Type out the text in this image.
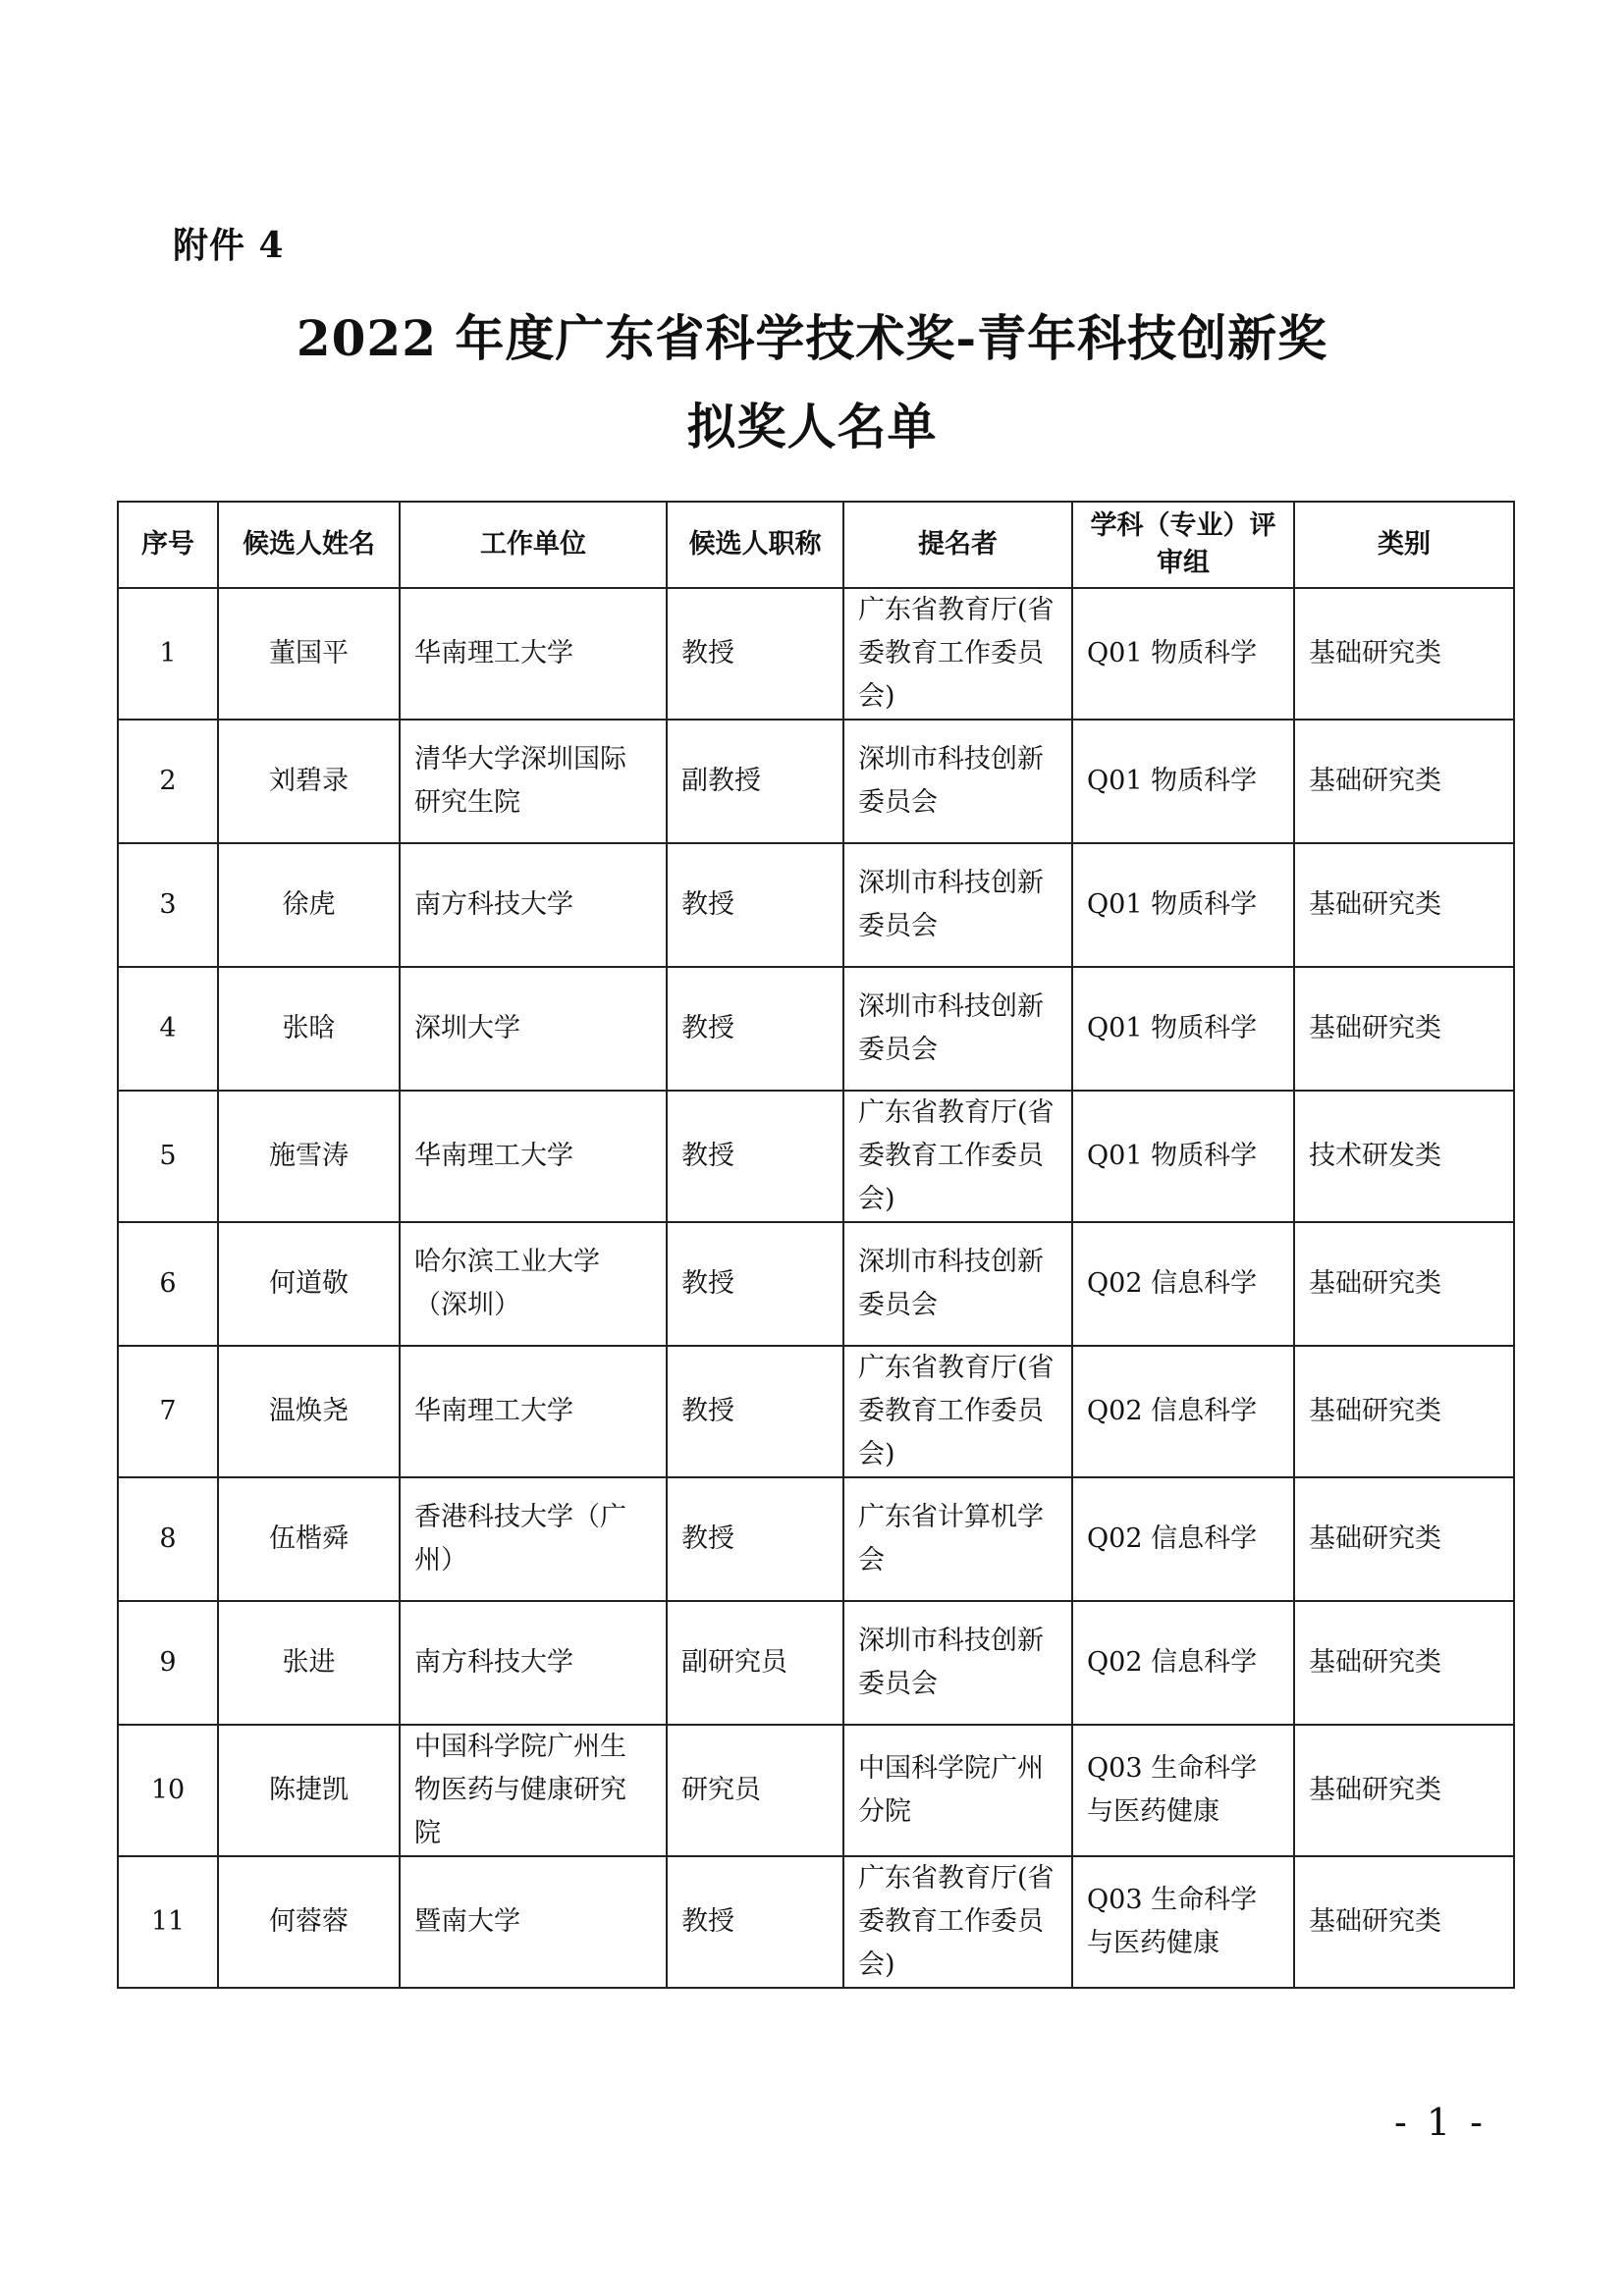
附件 4
2022 年度广东省科学技术奖-青年科技创新奖
拟奖人名单
序号	候选人姓名	工作单位	候选人职称	提名者	学科（专业）评审组	类别
1	董国平	华南理工大学	教授	广东省教育厅(省委教育工作委员会)	Q01 物质科学	基础研究类
2	刘碧录	清华大学深圳国际研究生院	副教授	深圳市科技创新委员会	Q01 物质科学	基础研究类
3	徐虎	南方科技大学	教授	深圳市科技创新委员会	Q01 物质科学	基础研究类
4	张晗	深圳大学	教授	深圳市科技创新委员会	Q01 物质科学	基础研究类
5	施雪涛	华南理工大学	教授	广东省教育厅(省委教育工作委员会)	Q01 物质科学	技术研发类
6	何道敬	哈尔滨工业大学（深圳）	教授	深圳市科技创新委员会	Q02 信息科学	基础研究类
7	温焕尧	华南理工大学	教授	广东省教育厅(省委教育工作委员会)	Q02 信息科学	基础研究类
8	伍楷舜	香港科技大学（广州）	教授	广东省计算机学会	Q02 信息科学	基础研究类
9	张进	南方科技大学	副研究员	深圳市科技创新委员会	Q02 信息科学	基础研究类
10	陈捷凯	中国科学院广州生物医药与健康研究院	研究员	中国科学院广州分院	Q03 生命科学与医药健康	基础研究类
11	何蓉蓉	暨南大学	教授	广东省教育厅(省委教育工作委员会)	Q03 生命科学与医药健康	基础研究类
- 1 -
